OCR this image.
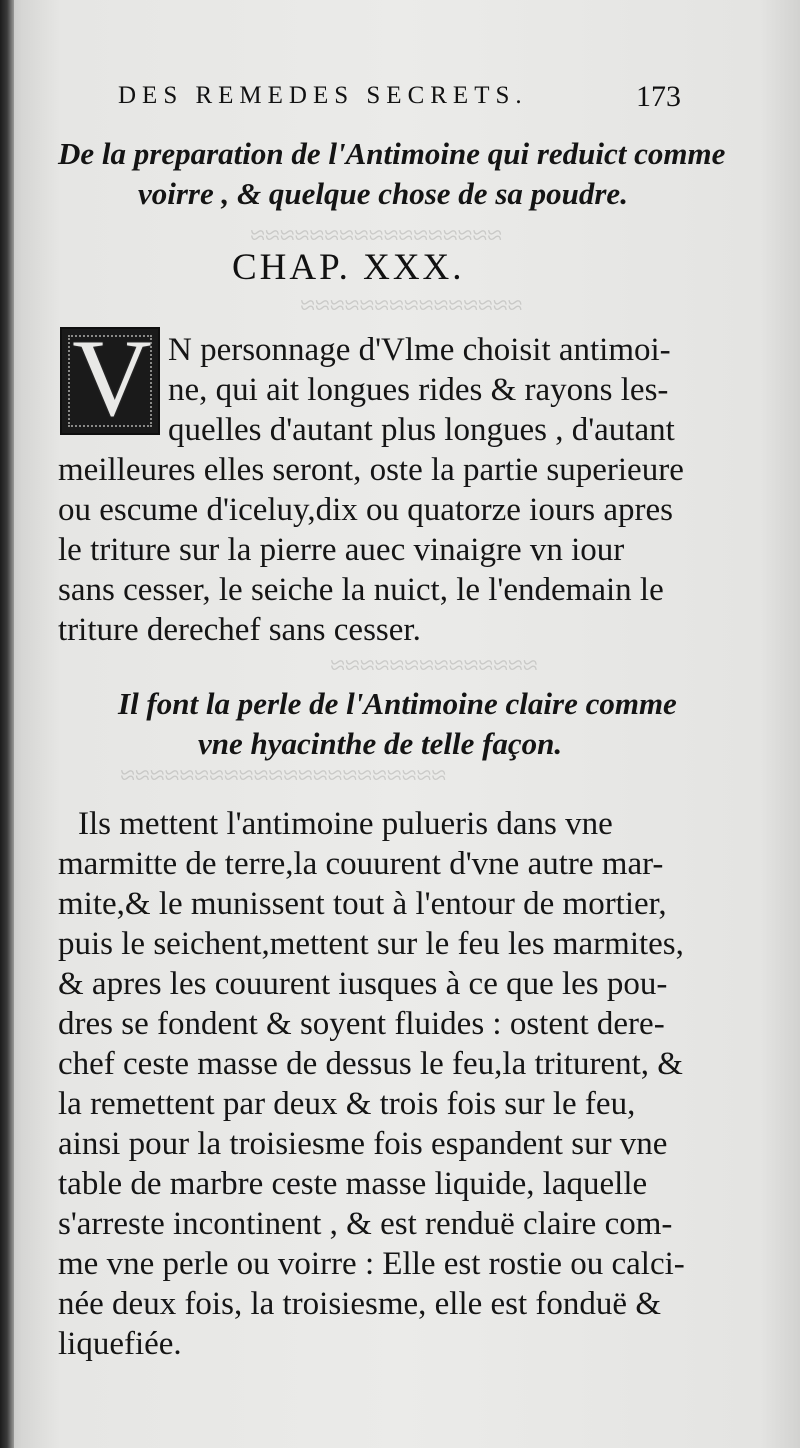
≈≈≈≈≈≈≈≈≈≈≈≈≈≈≈≈≈
≈≈≈≈≈≈≈≈≈≈≈≈≈≈≈
≈≈≈≈≈≈≈≈≈≈≈≈≈≈
≈≈≈≈≈≈≈≈≈≈≈≈≈≈≈≈≈≈≈≈≈≈
DES REMEDES SECRETS.	173
De la preparation de l'Antimoine qui reduict comme
voirre , & quelque chose de sa poudre.
CHAP. XXX.
V N personnage d'Vlme choisit antimoi-
ne, qui ait longues rides & rayons les-
quelles d'autant plus longues , d'autant
meilleures elles seront, oste la partie superieure
ou escume d'iceluy,dix ou quatorze iours apres
le triture sur la pierre auec vinaigre vn iour
sans cesser, le seiche la nuict, le l'endemain le
triture derechef sans cesser.
Il font la perle de l'Antimoine claire comme
vne hyacinthe de telle façon.
Ils mettent l'antimoine pulueris dans vne
marmitte de terre,la couurent d'vne autre mar-
mite,& le munissent tout à l'entour de mortier,
puis le seichent,mettent sur le feu les marmites,
& apres les couurent iusques à ce que les pou-
dres se fondent & soyent fluides : ostent dere-
chef ceste masse de dessus le feu,la triturent, &
la remettent par deux & trois fois sur le feu,
ainsi pour la troisiesme fois espandent sur vne
table de marbre ceste masse liquide, laquelle
s'arreste incontinent , & est renduë claire com-
me vne perle ou voirre : Elle est rostie ou calci-
née deux fois, la troisiesme, elle est fonduë &
liquefiée.
